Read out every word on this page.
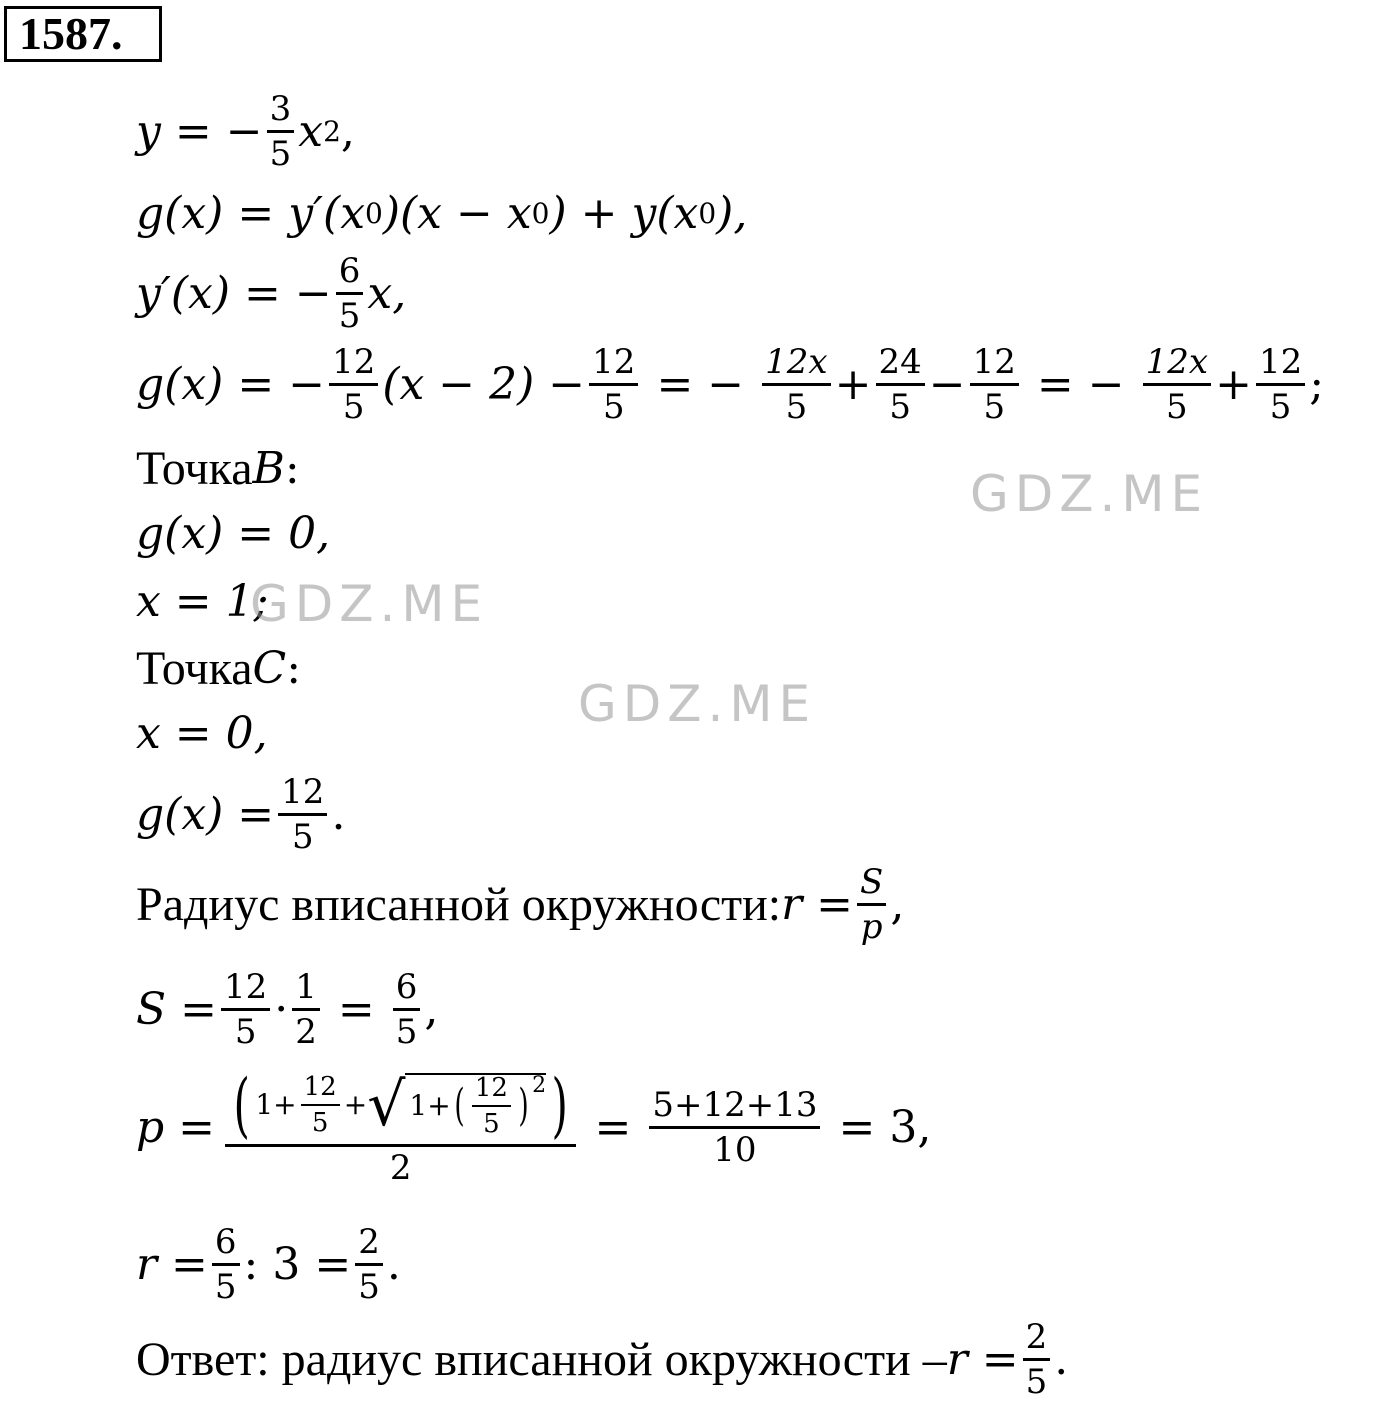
1587.
y = − $\frac{3}{5}$ x 2 ,
g(x) = y′(x 0 )(x − x 0 ) + y(x 0 ),
y′(x) = − $\frac{6}{5} x$,
g(x) = − $\frac{12}{5} (x - 2) - \frac{12}{5}$ = − $\frac{12x}{5} + \frac{24}{5} - \frac{12}{5}$ = − $\frac{12x}{5} + \frac{12}{5}$ ;
Точка B :
g(x) = 0,
x = 1;
Точка C :
x = 0,
$g(x) = \frac{12}{5}$ .
Радиус вписанной окружности: $r = \frac{S}{p}$ ,
$S = \frac{12}{5} \cdot \frac{1}{2} = \frac{6}{5}$ ,
p = ( $1+ \frac{12}{5}$ + √ 1+ ( $\frac{12}{5} )^2$ )
2
= $\frac{5+12+13}{10} = 3$,
$r = \frac{6}{5}$ : $3 = \frac{2}{5}$ .
Ответ: радиус вписанной окружности – $r = \frac{2}{5}$ .
GDZ.ME
GDZ.ME
GDZ.ME
